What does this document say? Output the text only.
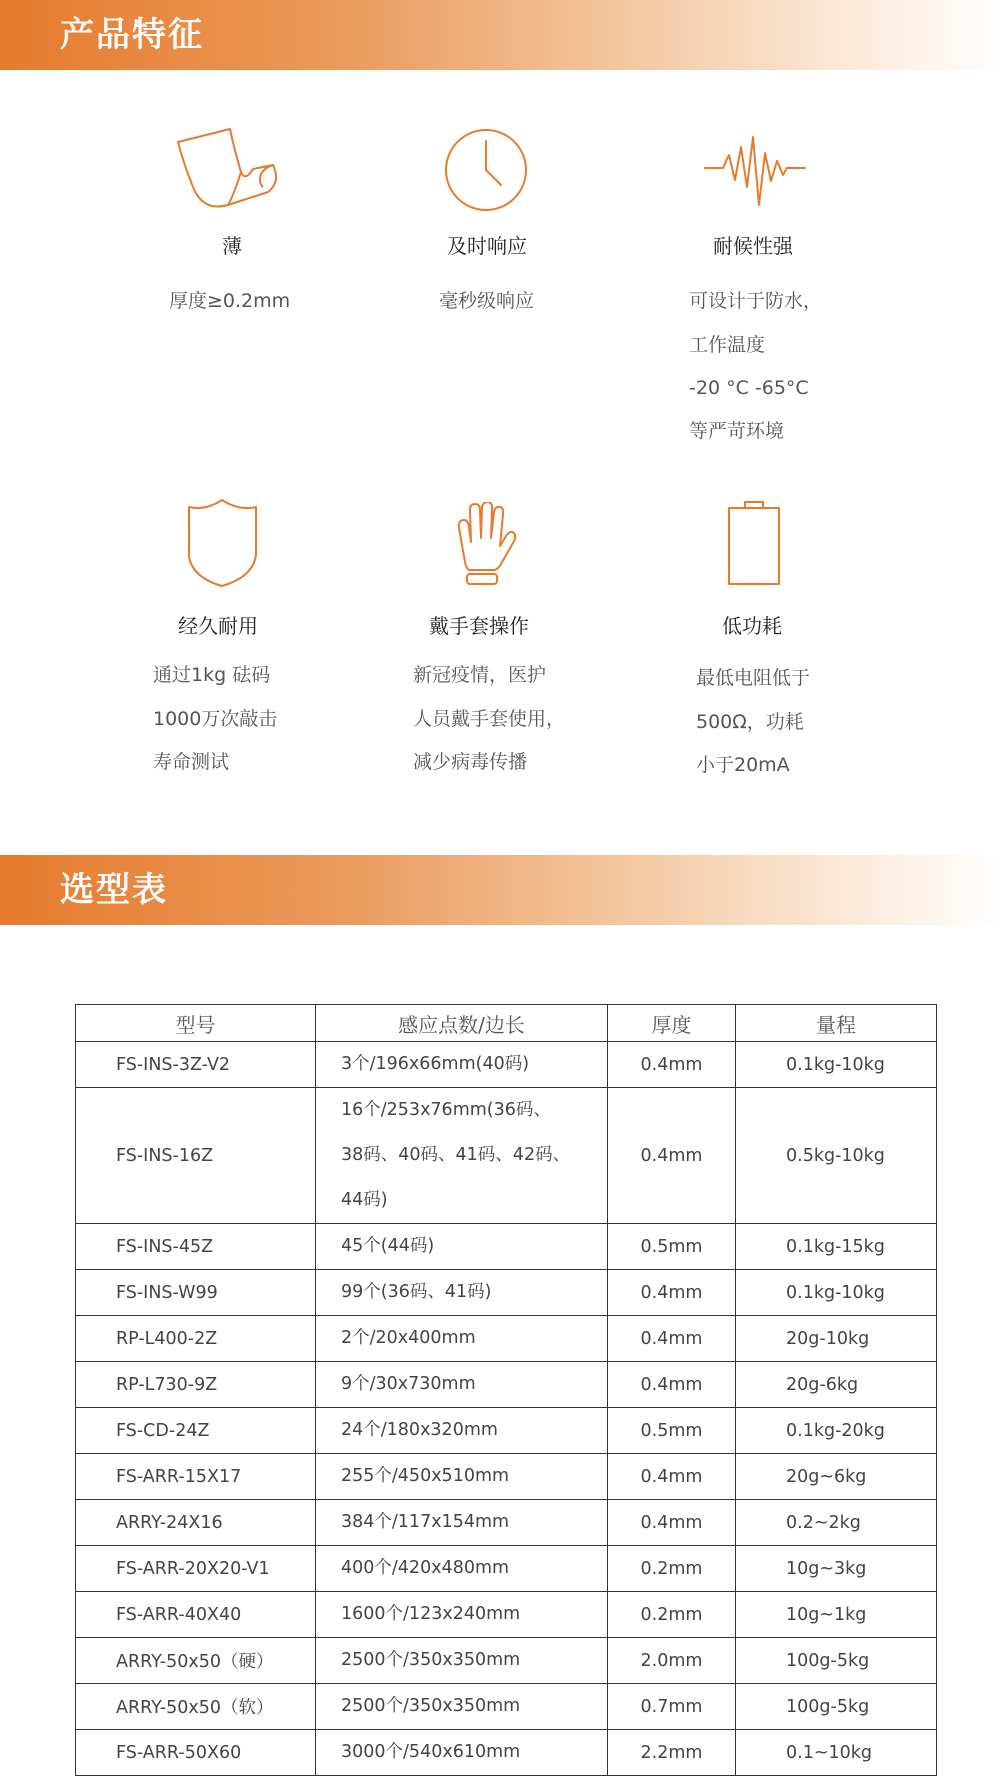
产品特征
薄
厚度≥0.2mm
及时响应
毫秒级响应
耐候性强
可设计于防水，
工作温度
-20 °C -65°C
等严苛环境
经久耐用
通过1kg 砝码
1000万次敲击
寿命测试
戴手套操作
新冠疫情，医护
人员戴手套使用，
减少病毒传播
低功耗
最低电阻低于
500Ω，功耗
小于20mA
选型表
型号	感应点数/边长	厚度	量程
FS-INS-3Z-V2	3个/196x66mm(40码)	0.4mm	0.1kg-10kg
FS-INS-16Z	16个/253x76mm(36码、
38码、40码、41码、42码、
44码)	0.4mm	0.5kg-10kg
FS-INS-45Z	45个(44码)	0.5mm	0.1kg-15kg
FS-INS-W99	99个(36码、41码)	0.4mm	0.1kg-10kg
RP-L400-2Z	2个/20x400mm	0.4mm	20g-10kg
RP-L730-9Z	9个/30x730mm	0.4mm	20g-6kg
FS-CD-24Z	24个/180x320mm	0.5mm	0.1kg-20kg
FS-ARR-15X17	255个/450x510mm	0.4mm	20g~6kg
ARRY-24X16	384个/117x154mm	0.4mm	0.2~2kg
FS-ARR-20X20-V1	400个/420x480mm	0.2mm	10g~3kg
FS-ARR-40X40	1600个/123x240mm	0.2mm	10g~1kg
ARRY-50x50（硬）	2500个/350x350mm	2.0mm	100g-5kg
ARRY-50x50（软）	2500个/350x350mm	0.7mm	100g-5kg
FS-ARR-50X60	3000个/540x610mm	2.2mm	0.1~10kg
